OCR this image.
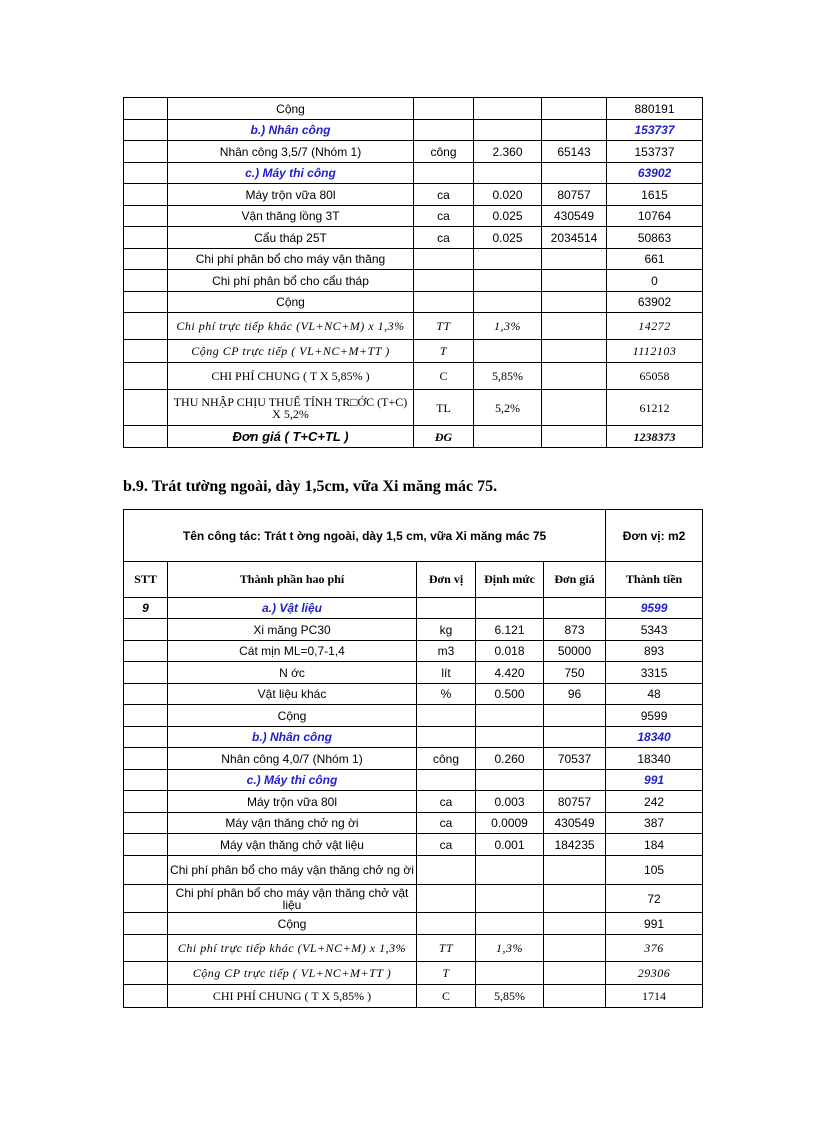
	Cộng				880191
	b.) Nhân công				153737
	Nhân công 3,5/7 (Nhóm 1)	công	2.360	65143	153737
	c.) Máy thi công				63902
	Máy trộn vữa 80l	ca	0.020	80757	1615
	Vận thăng lồng 3T	ca	0.025	430549	10764
	Cẩu tháp 25T	ca	0.025	2034514	50863
	Chi phí phân bổ cho máy vận thăng				661
	Chi phí phân bổ cho cẩu tháp				0
	Cộng				63902
	Chi phí trực tiếp khác (VL+NC+M) x 1,3%	TT	1,3%		14272
	Cộng CP trực tiếp ( VL+NC+M+TT )	T			1112103
	CHI PHÍ CHUNG ( T X 5,85% )	C	5,85%		65058
	THU NHẬP CHỊU THUẾ TÍNH TR□ỚC (T+C) X 5,2%	TL	5,2%		61212
	Đơn giá ( T+C+TL )	ĐG			1238373
b.9. Trát tường ngoài, dày 1,5cm, vữa Xi măng mác 75.
Tên công tác: Trát t ờng ngoài, dày 1,5 cm, vữa Xi măng mác 75					Đơn vị: m2
STT	Thành phần hao phí	Đơn vị	Định mức	Đơn giá	Thành tiền
9	a.) Vật liệu				9599
	Xi măng PC30	kg	6.121	873	5343
	Cát mịn ML=0,7-1,4	m3	0.018	50000	893
	N ớc	lít	4.420	750	3315
	Vật liệu khác	%	0.500	96	48
	Cộng				9599
	b.) Nhân công				18340
	Nhân công 4,0/7 (Nhóm 1)	công	0.260	70537	18340
	c.) Máy thi công				991
	Máy trộn vữa 80l	ca	0.003	80757	242
	Máy vận thăng chở ng ời	ca	0.0009	430549	387
	Máy vận thăng chở vật liệu	ca	0.001	184235	184
	Chi phí phân bổ cho máy vận thăng chở ng ời				105
	Chi phí phân bổ cho máy vận thăng chở vật liệu				72
	Cộng				991
	Chi phí trực tiếp khác (VL+NC+M) x 1,3%	TT	1,3%		376
	Cộng CP trực tiếp ( VL+NC+M+TT )	T			29306
	CHI PHÍ CHUNG ( T X 5,85% )	C	5,85%		1714
